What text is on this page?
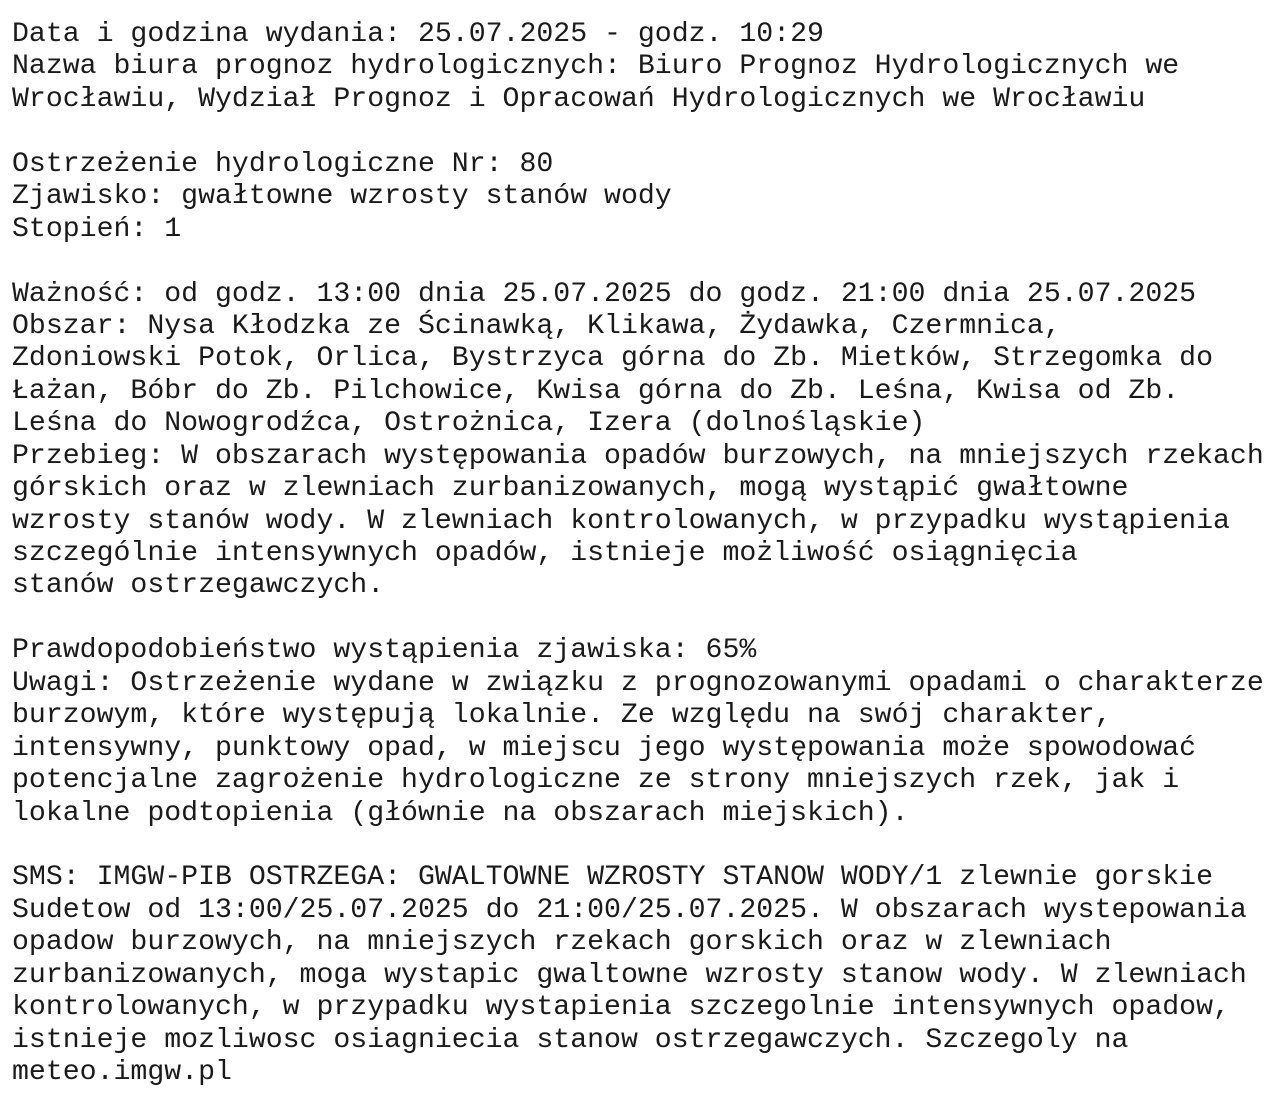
Data i godzina wydania: 25.07.2025 - godz. 10:29
Nazwa biura prognoz hydrologicznych: Biuro Prognoz Hydrologicznych we
Wrocławiu, Wydział Prognoz i Opracowań Hydrologicznych we Wrocławiu
Ostrzeżenie hydrologiczne Nr: 80
Zjawisko: gwałtowne wzrosty stanów wody
Stopień: 1
Ważność: od godz. 13:00 dnia 25.07.2025 do godz. 21:00 dnia 25.07.2025
Obszar: Nysa Kłodzka ze Ścinawką, Klikawa, Żydawka, Czermnica,
Zdoniowski Potok, Orlica, Bystrzyca górna do Zb. Mietków, Strzegomka do
Łażan, Bóbr do Zb. Pilchowice, Kwisa górna do Zb. Leśna, Kwisa od Zb.
Leśna do Nowogrodźca, Ostrożnica, Izera (dolnośląskie)
Przebieg: W obszarach występowania opadów burzowych, na mniejszych rzekach
górskich oraz w zlewniach zurbanizowanych, mogą wystąpić gwałtowne
wzrosty stanów wody. W zlewniach kontrolowanych, w przypadku wystąpienia
szczególnie intensywnych opadów, istnieje możliwość osiągnięcia
stanów ostrzegawczych.
Prawdopodobieństwo wystąpienia zjawiska: 65%
Uwagi: Ostrzeżenie wydane w związku z prognozowanymi opadami o charakterze
burzowym, które występują lokalnie. Ze względu na swój charakter,
intensywny, punktowy opad, w miejscu jego występowania może spowodować
potencjalne zagrożenie hydrologiczne ze strony mniejszych rzek, jak i
lokalne podtopienia (głównie na obszarach miejskich).
SMS: IMGW-PIB OSTRZEGA: GWALTOWNE WZROSTY STANOW WODY/1 zlewnie gorskie
Sudetow od 13:00/25.07.2025 do 21:00/25.07.2025. W obszarach wystepowania
opadow burzowych, na mniejszych rzekach gorskich oraz w zlewniach
zurbanizowanych, moga wystapic gwaltowne wzrosty stanow wody. W zlewniach
kontrolowanych, w przypadku wystapienia szczegolnie intensywnych opadow,
istnieje mozliwosc osiagniecia stanow ostrzegawczych. Szczegoly na
meteo.imgw.pl
